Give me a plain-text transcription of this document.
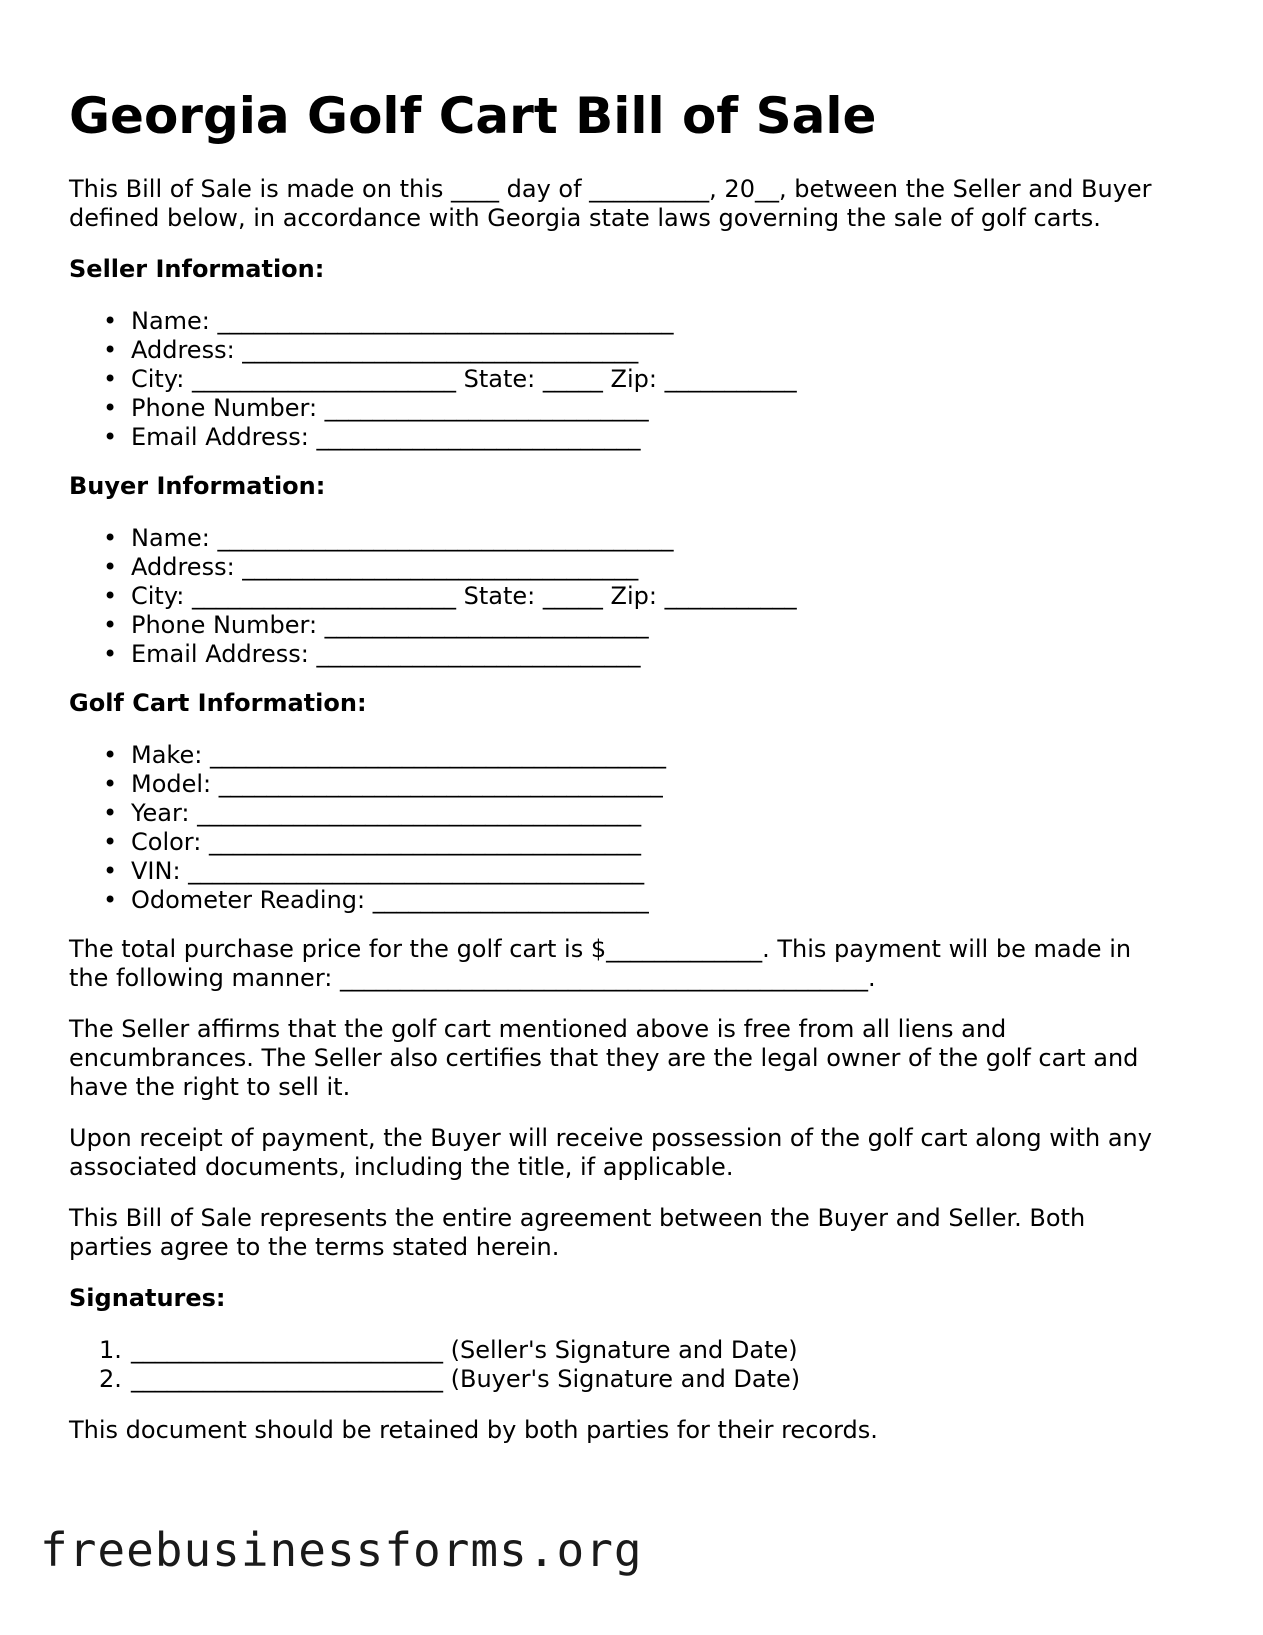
Georgia Golf Cart Bill of Sale

This Bill of Sale is made on this ____ day of __________, 20__, between the Seller and Buyer
defined below, in accordance with Georgia state laws governing the sale of golf carts.

Seller Information:

• Name: ______________________________________
• Address: _________________________________
• City: ______________________ State: _____ Zip: ___________
• Phone Number: ___________________________
• Email Address: ___________________________

Buyer Information:

• Name: ______________________________________
• Address: _________________________________
• City: ______________________ State: _____ Zip: ___________
• Phone Number: ___________________________
• Email Address: ___________________________

Golf Cart Information:

• Make: ______________________________________
• Model: _____________________________________
• Year: _____________________________________
• Color: ____________________________________
• VIN: ______________________________________
• Odometer Reading: _______________________

The total purchase price for the golf cart is $_____________. This payment will be made in
the following manner: ____________________________________________.

The Seller affirms that the golf cart mentioned above is free from all liens and
encumbrances. The Seller also certifies that they are the legal owner of the golf cart and
have the right to sell it.

Upon receipt of payment, the Buyer will receive possession of the golf cart along with any
associated documents, including the title, if applicable.

This Bill of Sale represents the entire agreement between the Buyer and Seller. Both
parties agree to the terms stated herein.

Signatures:

1. __________________________ (Seller's Signature and Date)
2. __________________________ (Buyer's Signature and Date)

This document should be retained by both parties for their records.

freebusinessforms.org
